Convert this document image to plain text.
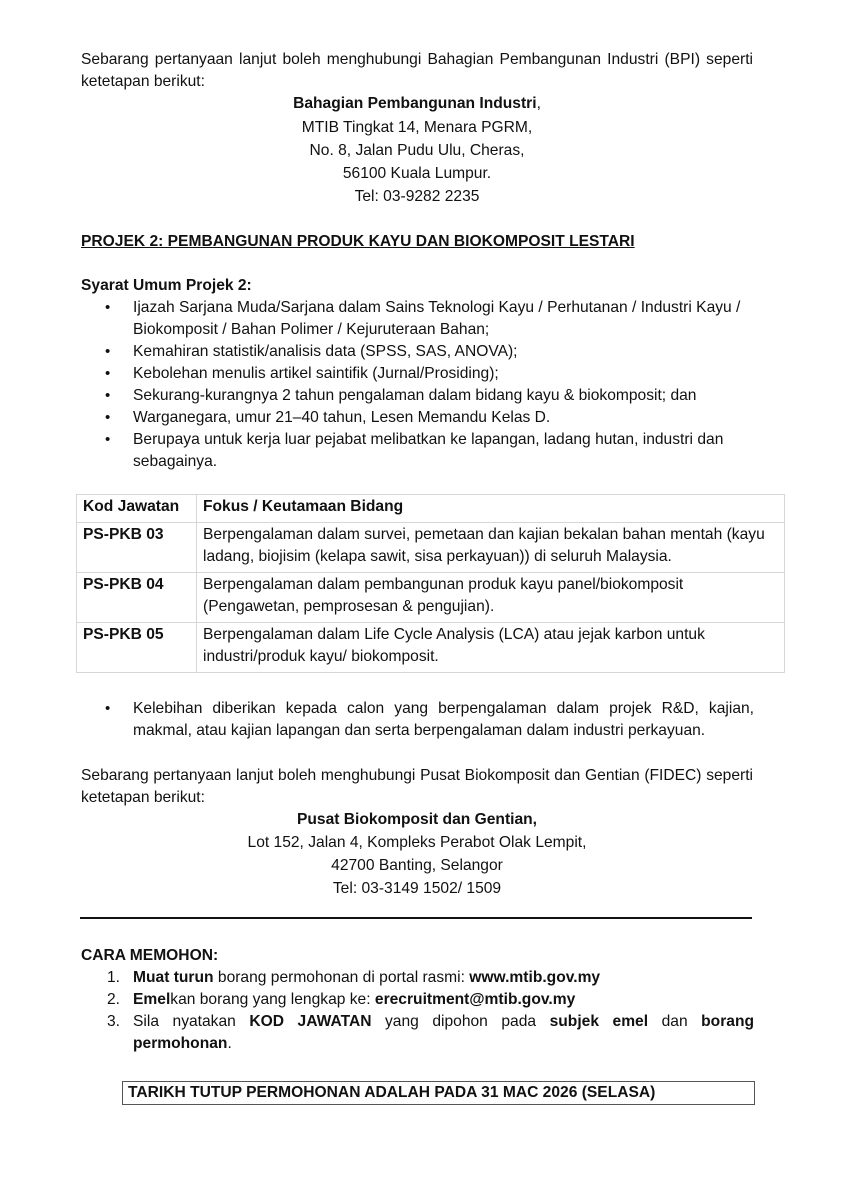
Sebarang pertanyaan lanjut boleh menghubungi Bahagian Pembangunan Industri (BPI) seperti ketetapan berikut:
Bahagian Pembangunan Industri,
MTIB Tingkat 14, Menara PGRM,
No. 8, Jalan Pudu Ulu, Cheras,
56100 Kuala Lumpur.
Tel: 03-9282 2235
PROJEK 2: PEMBANGUNAN PRODUK KAYU DAN BIOKOMPOSIT LESTARI
Syarat Umum Projek 2:
• Ijazah Sarjana Muda/Sarjana dalam Sains Teknologi Kayu / Perhutanan / Industri Kayu / Biokomposit / Bahan Polimer / Kejuruteraan Bahan;
• Kemahiran statistik/analisis data (SPSS, SAS, ANOVA);
• Kebolehan menulis artikel saintifik (Jurnal/Prosiding);
• Sekurang-kurangnya 2 tahun pengalaman dalam bidang kayu & biokomposit; dan
• Warganegara, umur 21–40 tahun, Lesen Memandu Kelas D.
• Berupaya untuk kerja luar pejabat melibatkan ke lapangan, ladang hutan, industri dan sebagainya.
Kod Jawatan	Fokus / Keutamaan Bidang
PS-PKB 03	Berpengalaman dalam survei, pemetaan dan kajian bekalan bahan mentah (kayu ladang, biojisim (kelapa sawit, sisa perkayuan)) di seluruh Malaysia.
PS-PKB 04	Berpengalaman dalam pembangunan produk kayu panel/biokomposit (Pengawetan, pemprosesan & pengujian).
PS-PKB 05	Berpengalaman dalam Life Cycle Analysis (LCA) atau jejak karbon untuk industri/produk kayu/ biokomposit.
• Kelebihan diberikan kepada calon yang berpengalaman dalam projek R&D, kajian, makmal, atau kajian lapangan dan serta berpengalaman dalam industri perkayuan.
Sebarang pertanyaan lanjut boleh menghubungi Pusat Biokomposit dan Gentian (FIDEC) seperti ketetapan berikut:
Pusat Biokomposit dan Gentian,
Lot 152, Jalan 4, Kompleks Perabot Olak Lempit,
42700 Banting, Selangor
Tel: 03-3149 1502/ 1509
CARA MEMOHON:
1. Muat turun borang permohonan di portal rasmi: www.mtib.gov.my
2. Emelkan borang yang lengkap ke: erecruitment@mtib.gov.my
3. Sila nyatakan KOD JAWATAN yang dipohon pada subjek emel dan borang permohonan.
TARIKH TUTUP PERMOHONAN ADALAH PADA 31 MAC 2026 (SELASA)
